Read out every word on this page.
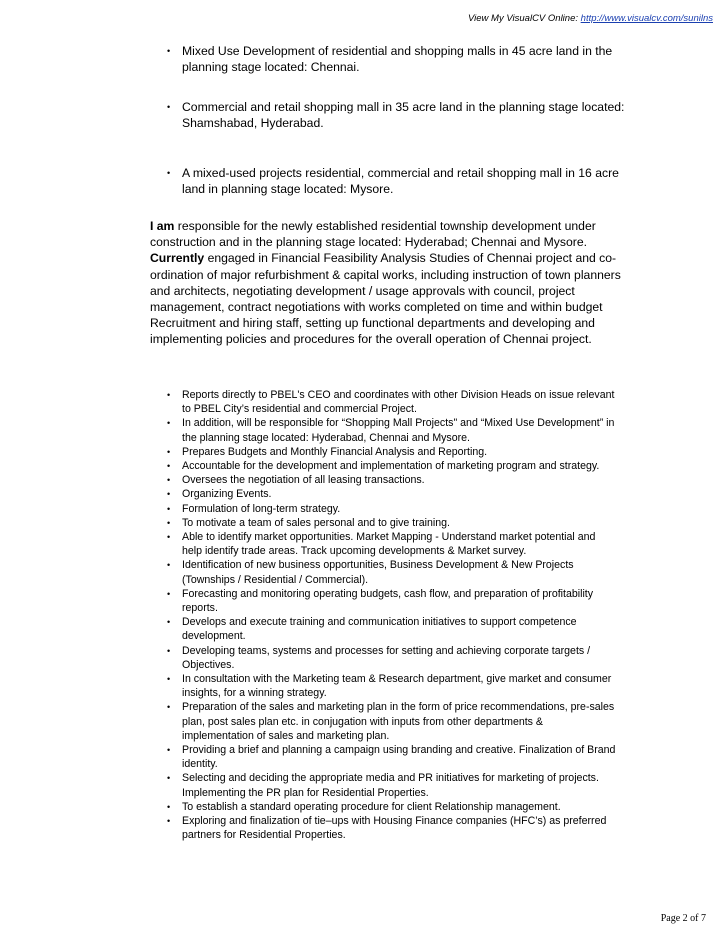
View My VisualCV Online: http://www.visualcv.com/sunilns
• Mixed Use Development of residential and shopping malls in 45 acre land in the planning stage located: Chennai.
• Commercial and retail shopping mall in 35 acre land in the planning stage located: Shamshabad, Hyderabad.
• A mixed-used projects residential, commercial and retail shopping mall in 16 acre land in planning stage located: Mysore.
I am responsible for the newly established residential township development under construction and in the planning stage located: Hyderabad; Chennai and Mysore. Currently engaged in Financial Feasibility Analysis Studies of Chennai project and co-ordination of major refurbishment & capital works, including instruction of town planners and architects, negotiating development / usage approvals with council, project management, contract negotiations with works completed on time and within budget Recruitment and hiring staff, setting up functional departments and developing and implementing policies and procedures for the overall operation of Chennai project.
• Reports directly to PBEL's CEO and coordinates with other Division Heads on issue relevant to PBEL City’s residential and commercial Project.
• In addition, will be responsible for “Shopping Mall Projects" and “Mixed Use Development” in the planning stage located: Hyderabad, Chennai and Mysore.
• Prepares Budgets and Monthly Financial Analysis and Reporting.
• Accountable for the development and implementation of marketing program and strategy.
• Oversees the negotiation of all leasing transactions.
• Organizing Events.
• Formulation of long-term strategy.
• To motivate a team of sales personal and to give training.
• Able to identify market opportunities. Market Mapping - Understand market potential and help identify trade areas. Track upcoming developments & Market survey.
• Identification of new business opportunities, Business Development & New Projects (Townships / Residential / Commercial).
• Forecasting and monitoring operating budgets, cash flow, and preparation of profitability reports.
• Develops and execute training and communication initiatives to support competence development.
• Developing teams, systems and processes for setting and achieving corporate targets / Objectives.
• In consultation with the Marketing team & Research department, give market and consumer insights, for a winning strategy.
• Preparation of the sales and marketing plan in the form of price recommendations, pre-sales plan, post sales plan etc. in conjugation with inputs from other departments & implementation of sales and marketing plan.
• Providing a brief and planning a campaign using branding and creative. Finalization of Brand identity.
• Selecting and deciding the appropriate media and PR initiatives for marketing of projects. Implementing the PR plan for Residential Properties.
• To establish a standard operating procedure for client Relationship management.
• Exploring and finalization of tie–ups with Housing Finance companies (HFC’s) as preferred partners for Residential Properties.
Page 2 of 7
